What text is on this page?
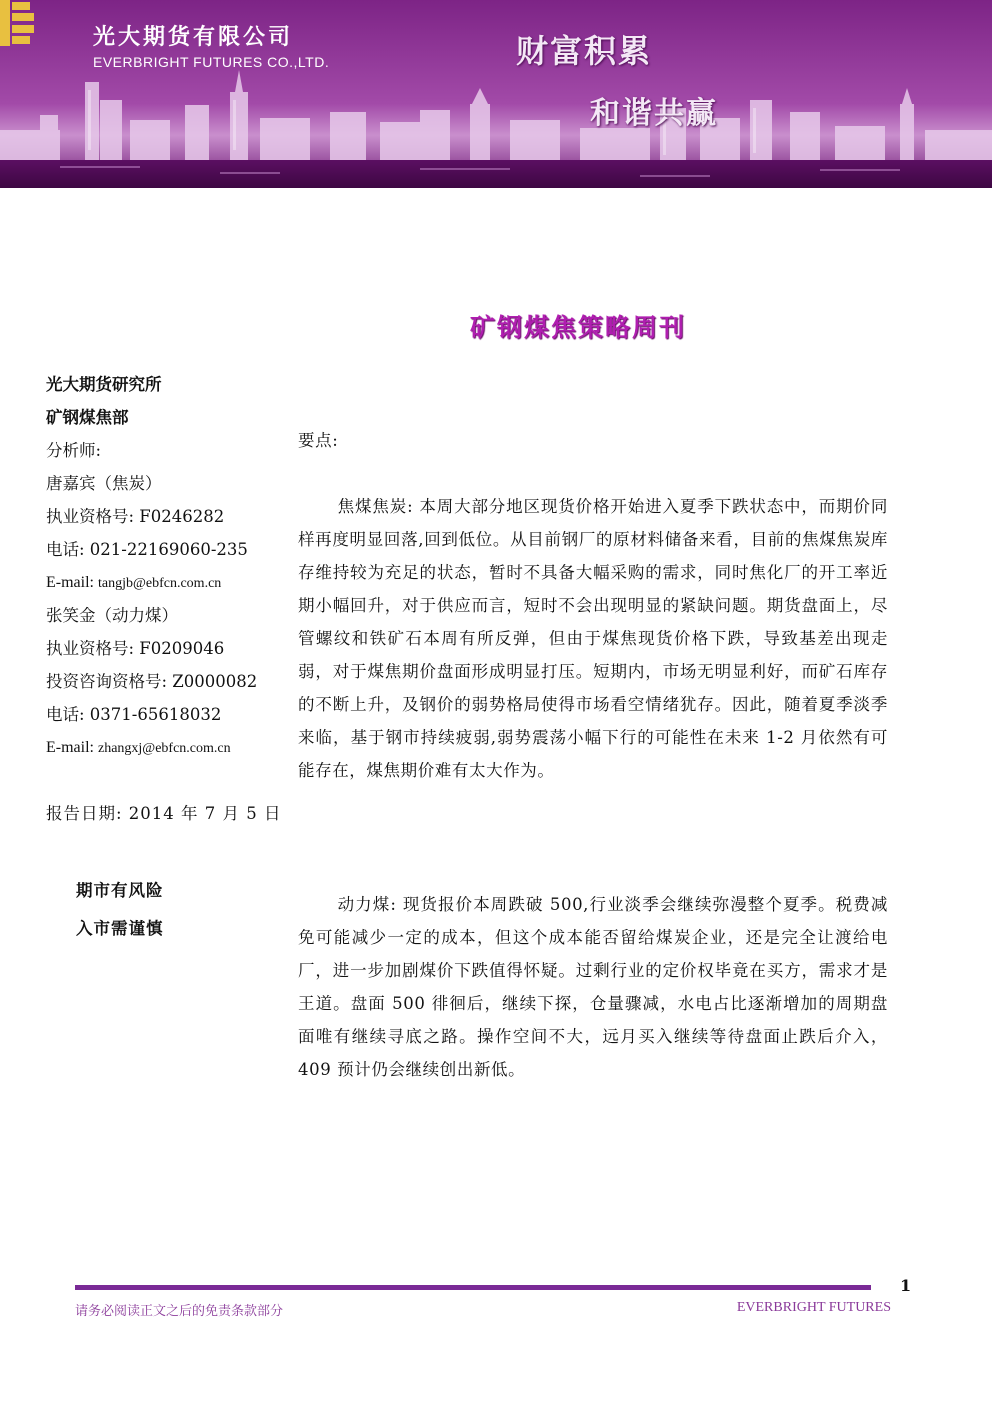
光大期货有限公司
EVERBRIGHT FUTURES CO.,LTD.	财富积累
和谐共赢
矿钢煤焦策略周刊
光大期货研究所
矿钢煤焦部
分析师:
唐嘉宾（焦炭）
执业资格号: F0246282
电话: 021-22169060-235
E-mail: tangjb@ebfcn.com.cn
张笑金（动力煤）
执业资格号: F0209046
投资咨询资格号: Z0000082
电话: 0371-65618032
E-mail: zhangxj@ebfcn.com.cn
报告日期: 2014 年 7 月 5 日
期市有风险
入市需谨慎

要点:

焦煤焦炭: 本周大部分地区现货价格开始进入夏季下跌状态中，而期价同样再度明显回落,回到低位。从目前钢厂的原材料储备来看，目前的焦煤焦炭库存维持较为充足的状态，暂时不具备大幅采购的需求，同时焦化厂的开工率近期小幅回升，对于供应而言，短时不会出现明显的紧缺问题。期货盘面上，尽管螺纹和铁矿石本周有所反弹，但由于煤焦现货价格下跌，导致基差出现走弱，对于煤焦期价盘面形成明显打压。短期内，市场无明显利好，而矿石库存的不断上升，及钢价的弱势格局使得市场看空情绪犹存。因此，随着夏季淡季来临，基于钢市持续疲弱,弱势震荡小幅下行的可能性在未来 1-2 月依然有可能存在，煤焦期价难有太大作为。

动力煤: 现货报价本周跌破 500,行业淡季会继续弥漫整个夏季。税费减免可能减少一定的成本，但这个成本能否留给煤炭企业，还是完全让渡给电厂，进一步加剧煤价下跌值得怀疑。过剩行业的定价权毕竟在买方，需求才是王道。盘面 500 徘徊后，继续下探，仓量骤减，水电占比逐渐增加的周期盘面唯有继续寻底之路。操作空间不大，远月买入继续等待盘面止跌后介入，409 预计仍会继续创出新低。

1
请务必阅读正文之后的免责条款部分	EVERBRIGHT FUTURES
